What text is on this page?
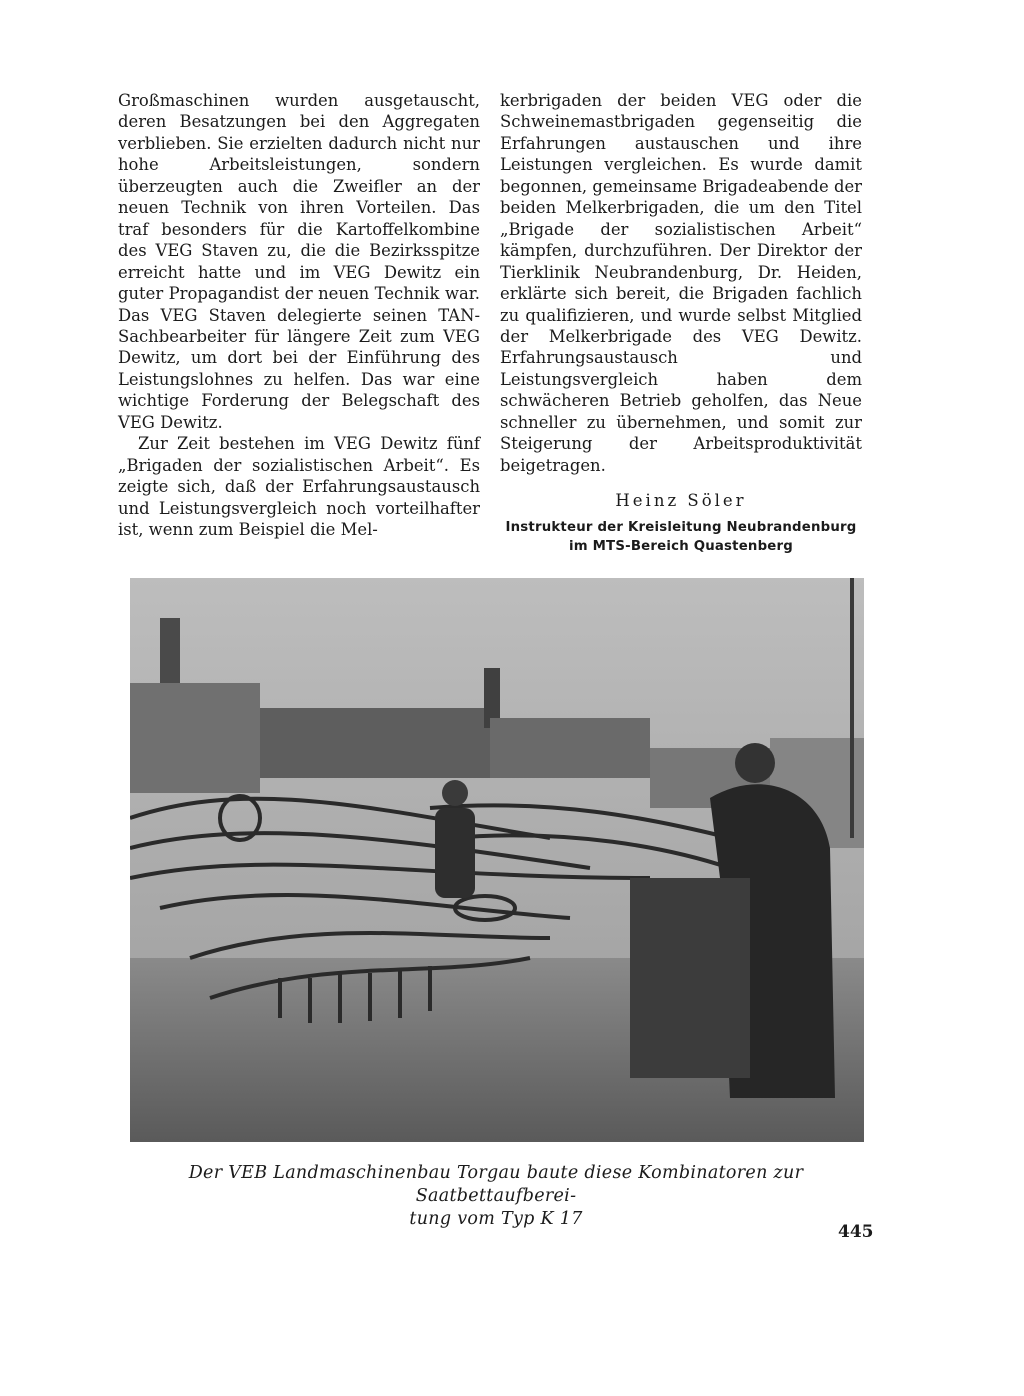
Großmaschinen wurden ausgetauscht, deren Besatzungen bei den Aggregaten verblieben. Sie erzielten dadurch nicht nur hohe Arbeitsleistungen, sondern überzeugten auch die Zweifler an der neuen Technik von ihren Vorteilen. Das traf besonders für die Kartoffelkombine des VEG Staven zu, die die Bezirksspitze erreicht hatte und im VEG Dewitz ein guter Propagandist der neuen Technik war. Das VEG Staven delegierte seinen TAN-Sachbearbeiter für längere Zeit zum VEG Dewitz, um dort bei der Einführung des Leistungslohnes zu helfen. Das war eine wichtige Forderung der Belegschaft des VEG Dewitz.

Zur Zeit bestehen im VEG Dewitz fünf „Brigaden der sozialistischen Arbeit“. Es zeigte sich, daß der Erfahrungsaustausch und Leistungsvergleich noch vorteilhafter ist, wenn zum Beispiel die Mel-

kerbrigaden der beiden VEG oder die Schweinemastbrigaden gegenseitig die Erfahrungen austauschen und ihre Leistungen vergleichen. Es wurde damit begonnen, gemeinsame Brigadeabende der beiden Melkerbrigaden, die um den Titel „Brigade der sozialistischen Arbeit“ kämpfen, durchzuführen. Der Direktor der Tierklinik Neubrandenburg, Dr. Heiden, erklärte sich bereit, die Brigaden fachlich zu qualifizieren, und wurde selbst Mitglied der Melkerbrigade des VEG Dewitz. Erfahrungsaustausch und Leistungsvergleich haben dem schwächeren Betrieb geholfen, das Neue schneller zu übernehmen, und somit zur Steigerung der Arbeitsproduktivität beigetragen.

Heinz Söler
Instrukteur der Kreisleitung Neubrandenburg
im MTS-Bereich Quastenberg
Der VEB Landmaschinenbau Torgau baute diese Kombinatoren zur Saatbettaufberei-
tung vom Typ K 17
445
